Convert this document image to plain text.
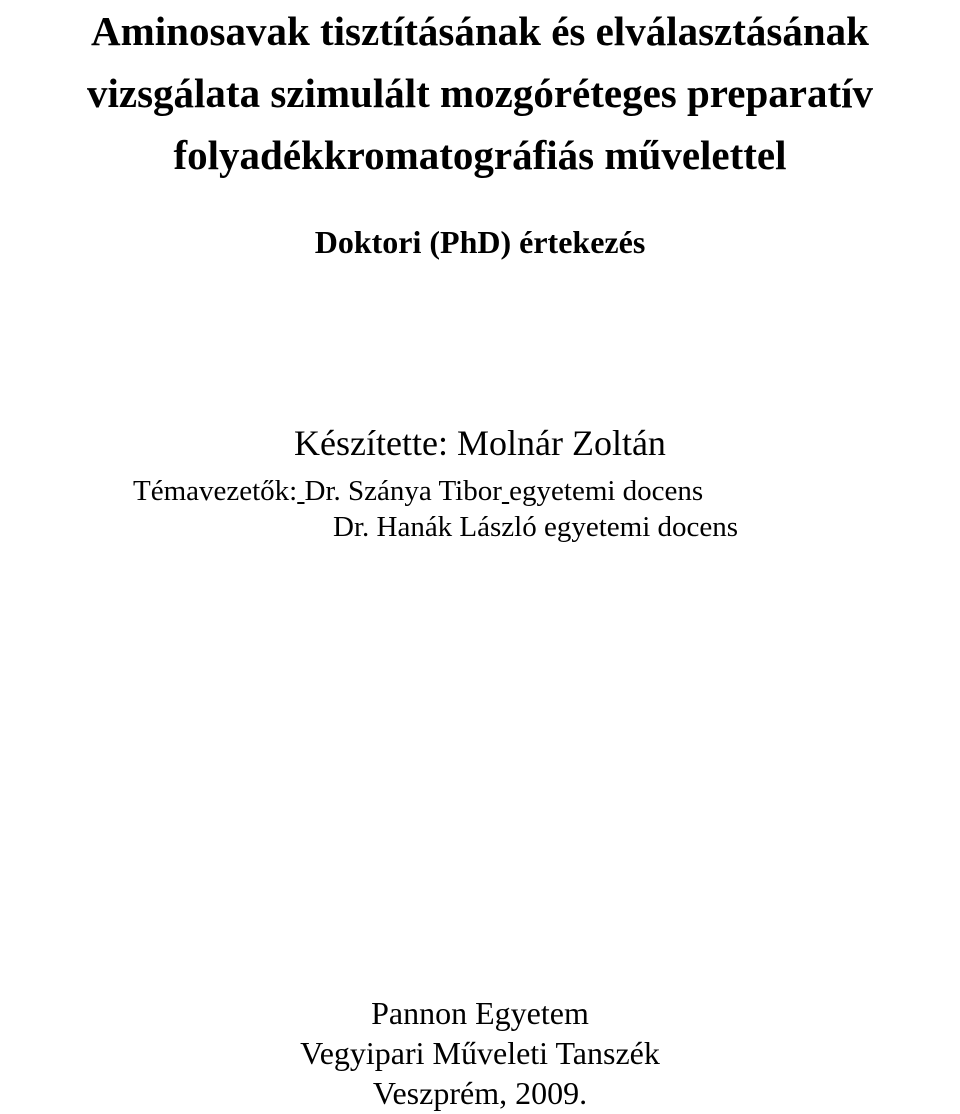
Aminosavak tisztításának és elválasztásának
vizsgálata szimulált mozgóréteges preparatív
folyadékkromatográfiás művelettel
Doktori (PhD) értekezés
Készítette: Molnár Zoltán
Témavezetők: Dr. Szánya Tibor egyetemi docens
Dr. Hanák László egyetemi docens
Pannon Egyetem
Vegyipari Műveleti Tanszék
Veszprém, 2009.
